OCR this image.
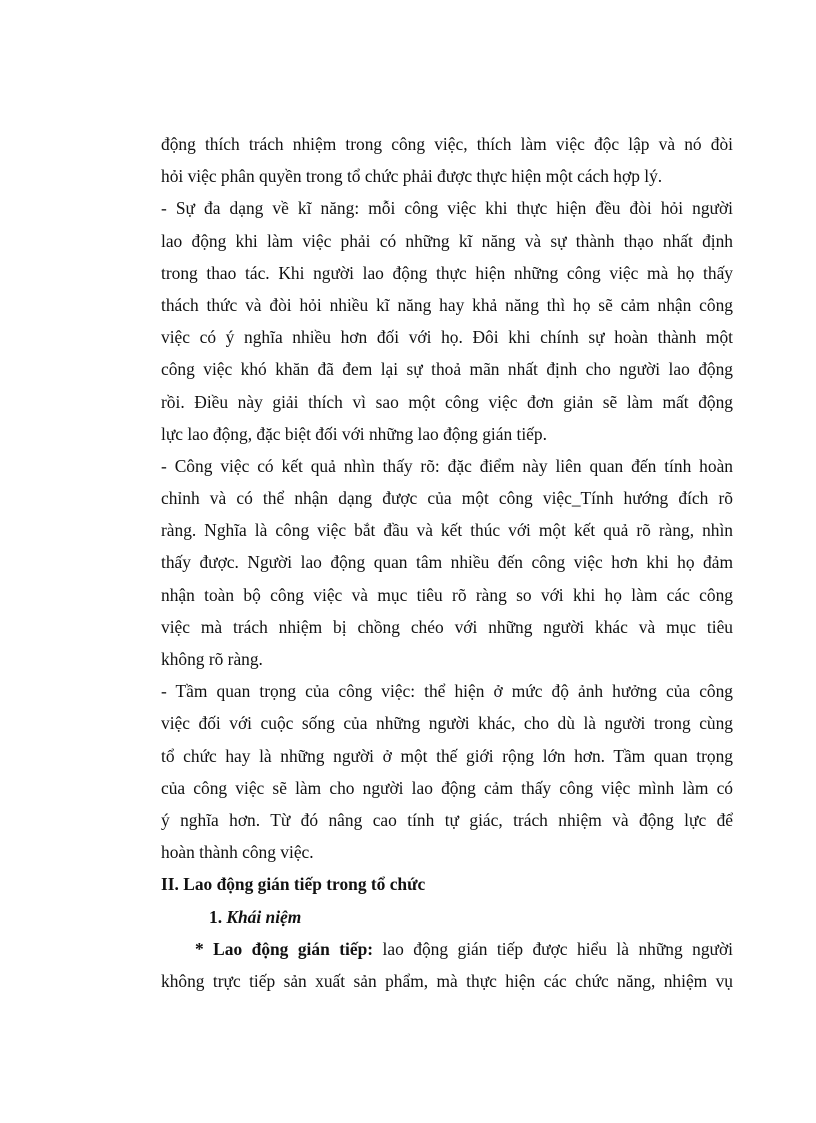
động thích trách nhiệm trong công việc, thích làm việc độc lập và nó đòi
hỏi việc phân quyền trong tổ chức phải được thực hiện một cách hợp lý.
- Sự đa dạng về kĩ năng: mỗi công việc khi thực hiện đều đòi hỏi người
lao động khi làm việc phải có những kĩ năng và sự thành thạo nhất định
trong thao tác. Khi người lao động thực hiện những công việc mà họ thấy
thách thức và đòi hỏi nhiều kĩ năng hay khả năng thì họ sẽ cảm nhận công
việc có ý nghĩa nhiều hơn đối với họ. Đôi khi chính sự hoàn thành một
công việc khó khăn đã đem lại sự thoả mãn nhất định cho người lao động
rồi. Điều này giải thích vì sao một công việc đơn giản sẽ làm mất động
lực lao động, đặc biệt đối với những lao động gián tiếp.
- Công việc có kết quả nhìn thấy rõ: đặc điểm này liên quan đến tính hoàn
chỉnh và có thể nhận dạng được của một công việc_Tính hướng đích rõ
ràng. Nghĩa là công việc bắt đầu và kết thúc với một kết quả rõ ràng, nhìn
thấy được. Người lao động quan tâm nhiều đến công việc hơn khi họ đảm
nhận toàn bộ công việc và mục tiêu rõ ràng so với khi họ làm các công
việc mà trách nhiệm bị chồng chéo với những người khác và mục tiêu
không rõ ràng.
- Tầm quan trọng của công việc: thể hiện ở mức độ ảnh hưởng của công
việc đối với cuộc sống của những người khác, cho dù là người trong cùng
tổ chức hay là những người ở một thế giới rộng lớn hơn. Tầm quan trọng
của công việc sẽ làm cho người lao động cảm thấy công việc mình làm có
ý nghĩa hơn. Từ đó nâng cao tính tự giác, trách nhiệm và động lực để
hoàn thành công việc.
II. Lao động gián tiếp trong tổ chức
1. Khái niệm
* Lao động gián tiếp: lao động gián tiếp được hiểu là những người
không trực tiếp sản xuất sản phẩm, mà thực hiện các chức năng, nhiệm vụ
